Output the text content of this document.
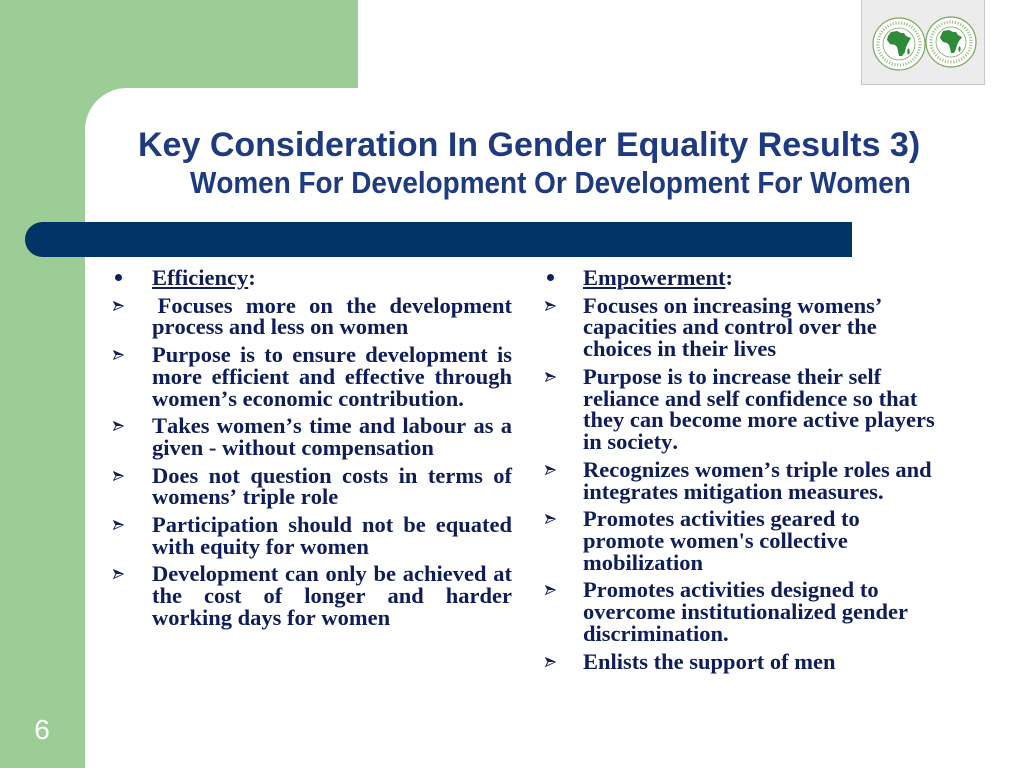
Key Consideration In Gender Equality Results 3)
Women For Development Or Development For Women
Efficiency:
Focuses more on the development process and less on women
Purpose is to ensure development is more efficient and effective through women’s economic contribution.
Takes women’s time and labour as a given - without compensation
Does not question costs in terms of womens’ triple role
Participation should not be equated with equity for women
Development can only be achieved at the cost of longer and harder working days for women
Empowerment:
Focuses on increasing womens’ capacities and control over the choices in their lives
Purpose is to increase their self reliance and self confidence so that they can become more active players in society.
Recognizes women’s triple roles and integrates mitigation measures.
Promotes activities geared to promote women's collective mobilization
Promotes activities designed to overcome institutionalized gender discrimination.
Enlists the support of men
6
